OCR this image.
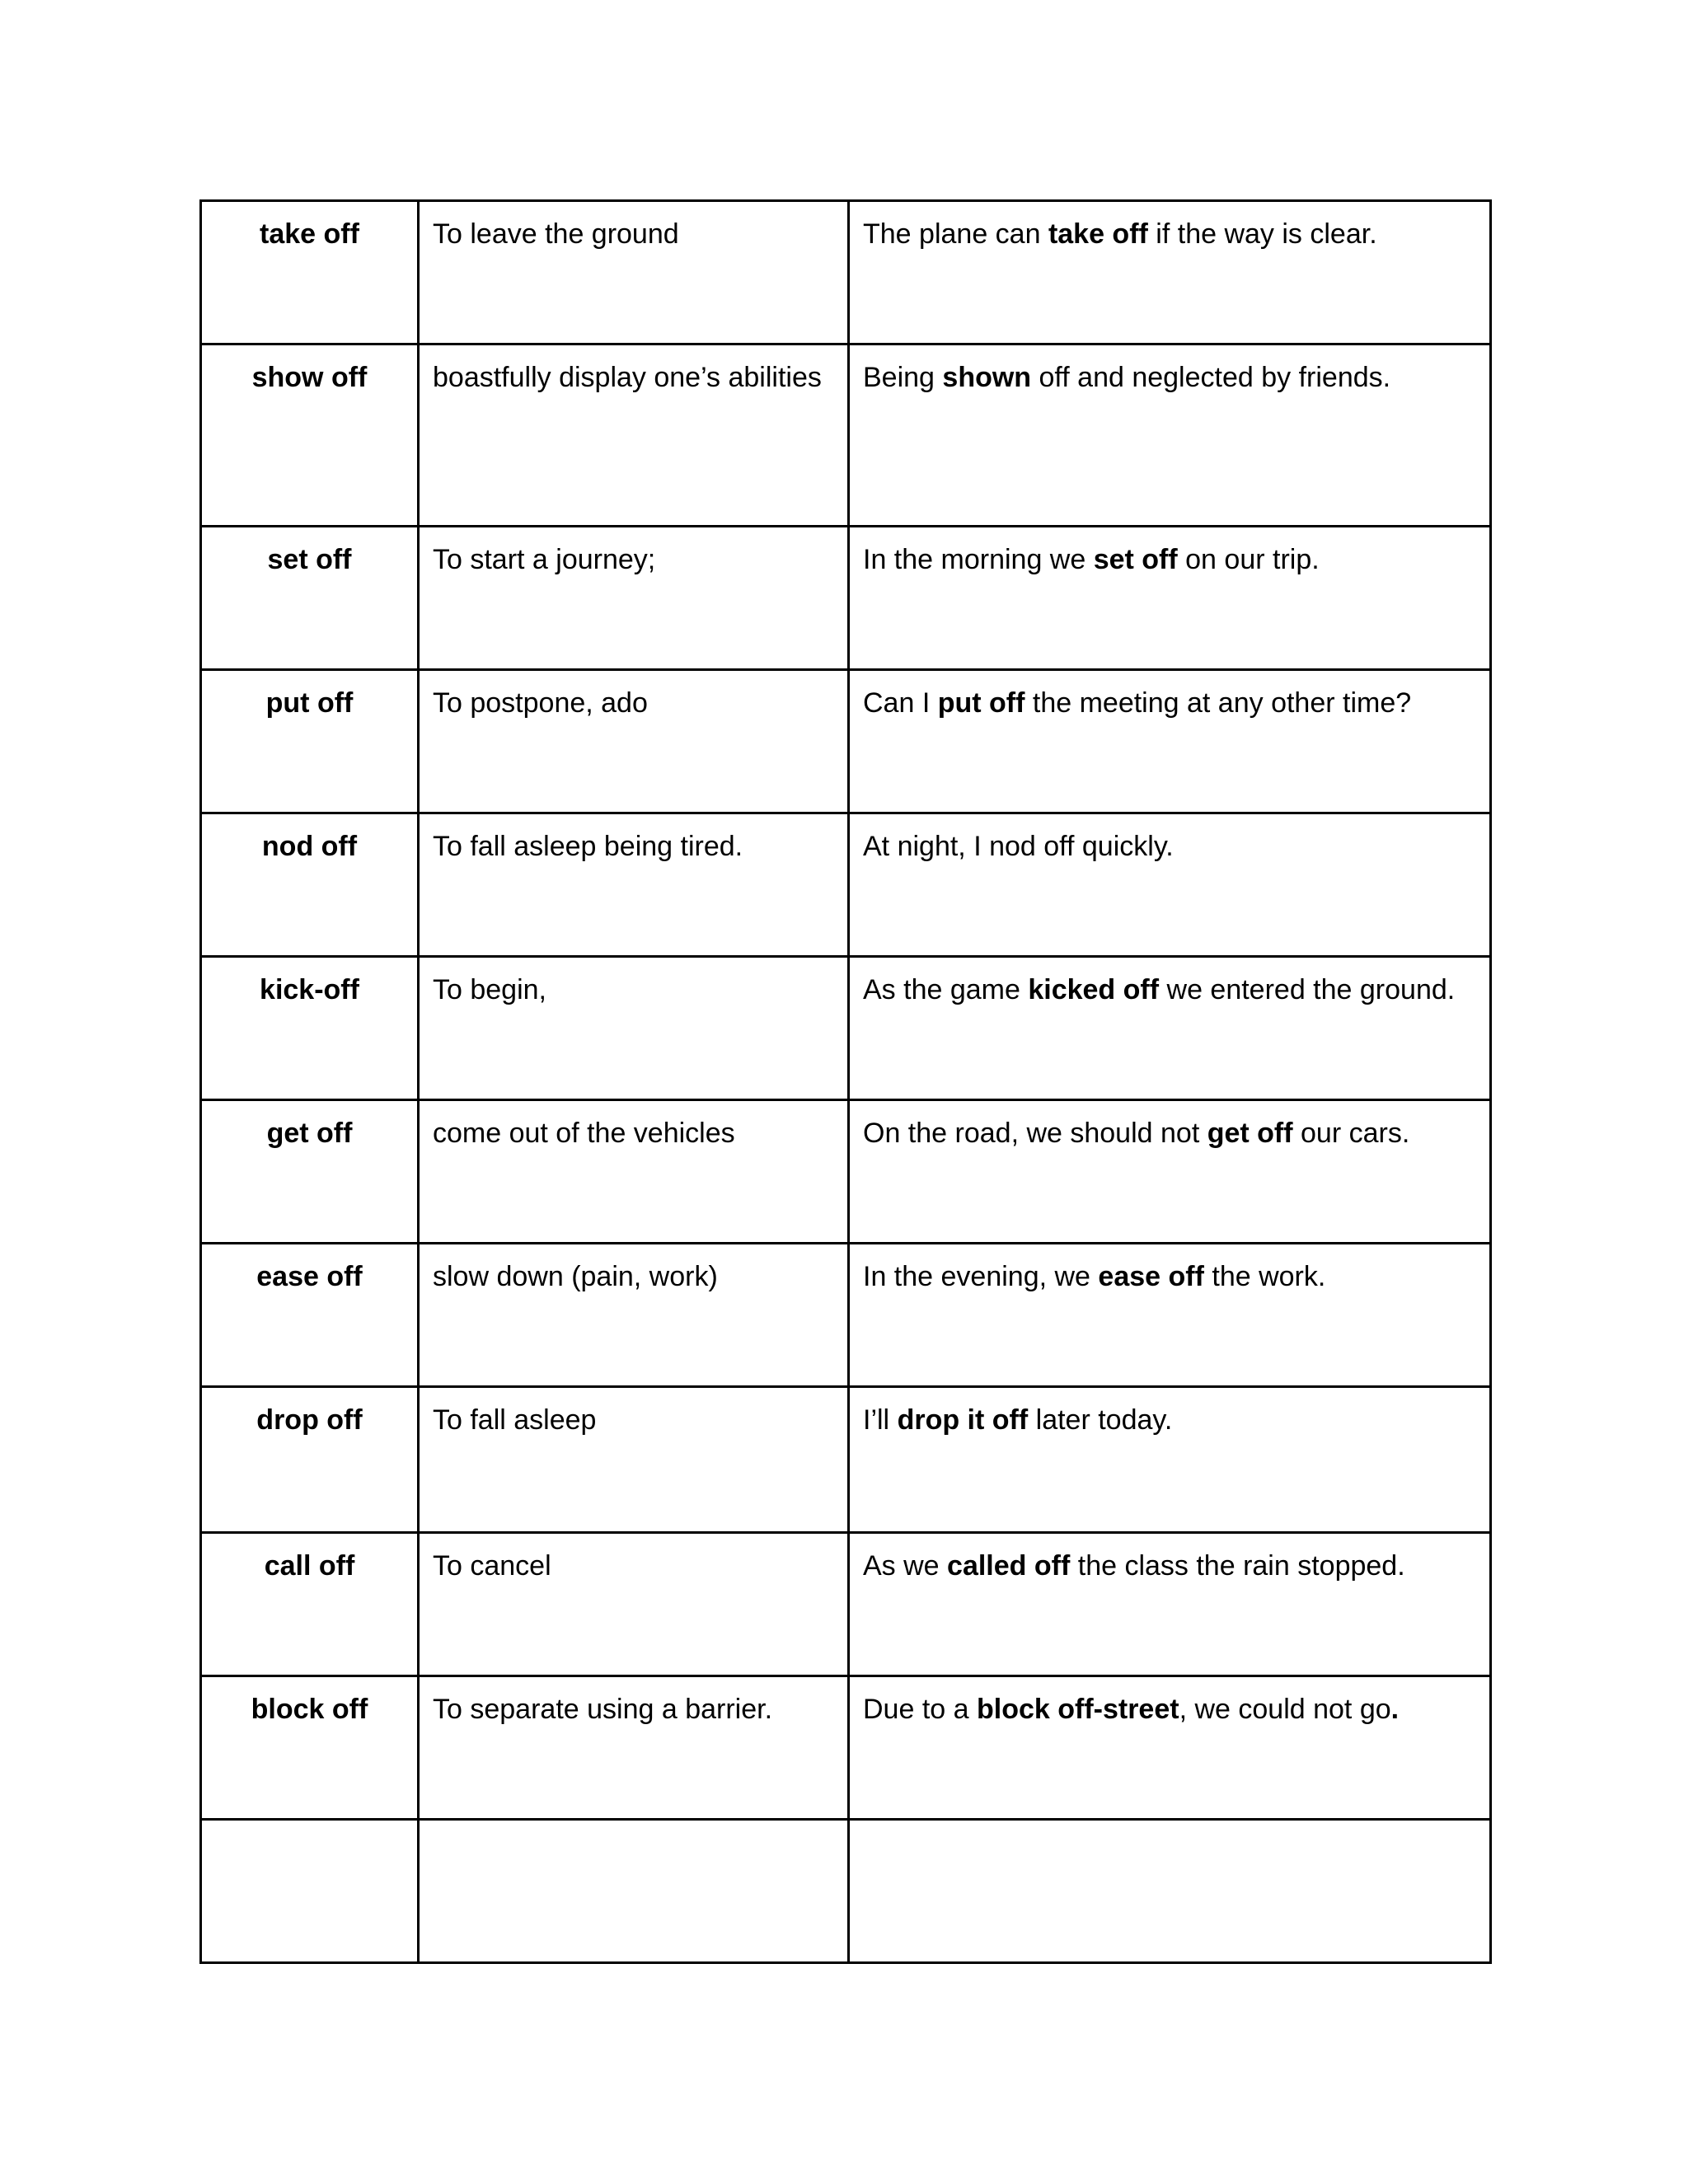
take off	To leave the ground	The plane can take off if the way is clear.
show off	boastfully display one’s abilities	Being shown off and neglected by friends.
set off	To start a journey;	In the morning we set off on our trip.
put off	To postpone, ado	Can I put off the meeting at any other time?
nod off	To fall asleep being tired.	At night, I nod off quickly.
kick-off	To begin,	As the game kicked off we entered the ground.
get off	come out of the vehicles	On the road, we should not get off our cars.
ease off	slow down (pain, work)	In the evening, we ease off the work.
drop off	To fall asleep	I’ll drop it off later today.
call off	To cancel	As we called off the class the rain stopped.
block off	To separate using a barrier.	Due to a block off-street, we could not go.
